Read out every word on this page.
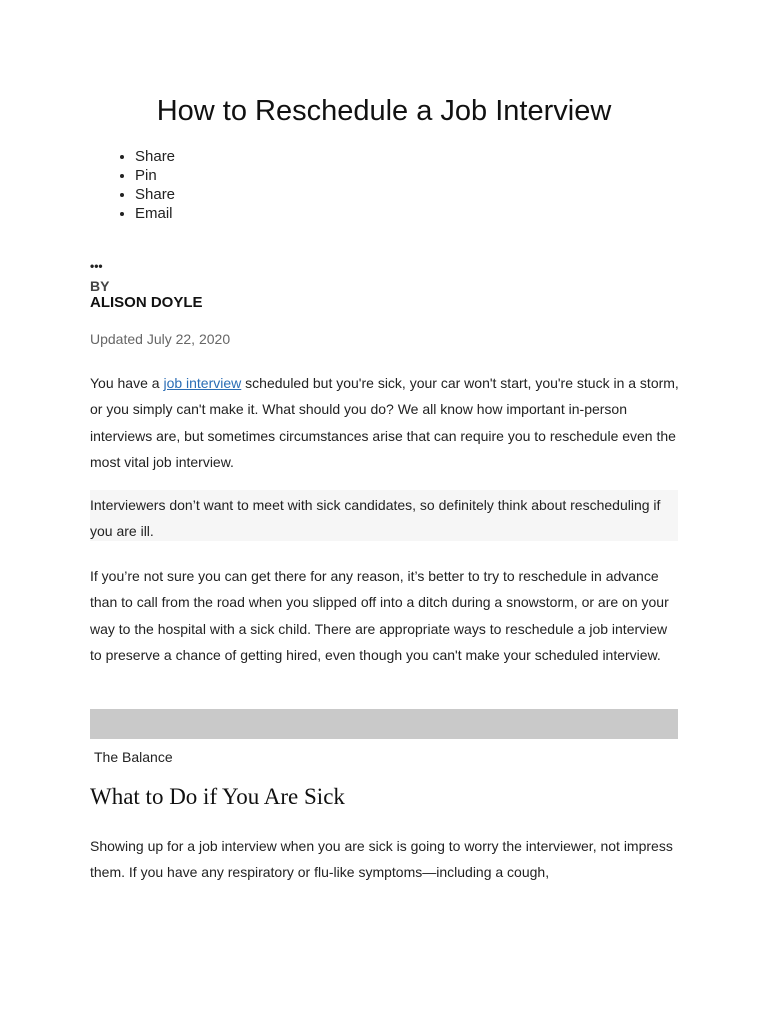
How to Reschedule a Job Interview
• Share
• Pin
• Share
• Email
•••
BY
ALISON DOYLE
Updated July 22, 2020

You have a job interview scheduled but you're sick, your car won't start, you're stuck in a storm, or you simply can't make it. What should you do? We all know how important in-person interviews are, but sometimes circumstances arise that can require you to reschedule even the most vital job interview.

Interviewers don’t want to meet with sick candidates, so definitely think about rescheduling if you are ill.

If you’re not sure you can get there for any reason, it’s better to try to reschedule in advance than to call from the road when you slipped off into a ditch during a snowstorm, or are on your way to the hospital with a sick child. There are appropriate ways to reschedule a job interview to preserve a chance of getting hired, even though you can't make your scheduled interview.

The Balance
What to Do if You Are Sick

Showing up for a job interview when you are sick is going to worry the interviewer, not impress them. If you have any respiratory or flu-like symptoms—including a cough,
